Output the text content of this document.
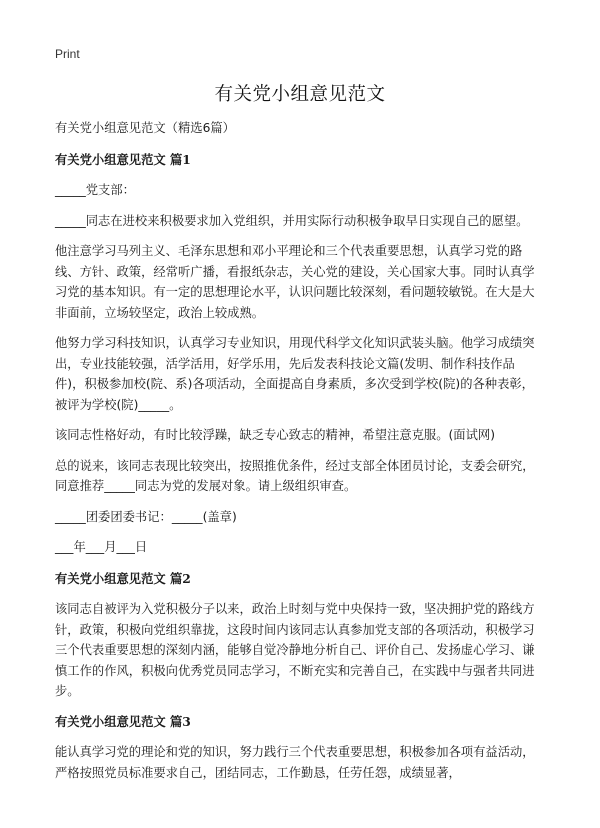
Print
有关党小组意见范文

有关党小组意见范文（精选6篇）

有关党小组意见范文 篇1

_____党支部：

_____同志在进校来积极要求加入党组织，并用实际行动积极争取早日实现自己的愿望。

他注意学习马列主义、毛泽东思想和邓小平理论和三个代表重要思想，认真学习党的路线、方针、政策，经常听广播，看报纸杂志，关心党的建设，关心国家大事。同时认真学习党的基本知识。有一定的思想理论水平，认识问题比较深刻，看问题较敏锐。在大是大非面前，立场较坚定，政治上较成熟。

他努力学习科技知识，认真学习专业知识，用现代科学文化知识武装头脑。他学习成绩突出，专业技能较强，活学活用，好学乐用，先后发表科技论文篇(发明、制作科技作品件)，积极参加校(院、系)各项活动，全面提高自身素质，多次受到学校(院)的各种表彰，被评为学校(院)_____。

该同志性格好动，有时比较浮躁，缺乏专心致志的精神，希望注意克服。(面试网)

总的说来，该同志表现比较突出，按照推优条件，经过支部全体团员讨论，支委会研究，同意推荐_____同志为党的发展对象。请上级组织审查。

_____团委团委书记：_____(盖章)

___年___月___日

有关党小组意见范文 篇2

该同志自被评为入党积极分子以来，政治上时刻与党中央保持一致，坚决拥护党的路线方针，政策，积极向党组织靠拢，这段时间内该同志认真参加党支部的各项活动，积极学习三个代表重要思想的深刻内涵，能够自觉冷静地分析自己、评价自己、发扬虚心学习、谦慎工作的作风，积极向优秀党员同志学习，不断充实和完善自己，在实践中与强者共同进步。

有关党小组意见范文 篇3

能认真学习党的理论和党的知识，努力践行三个代表重要思想，积极参加各项有益活动，严格按照党员标准要求自己，团结同志，工作勤恳，任劳任怨，成绩显著，
